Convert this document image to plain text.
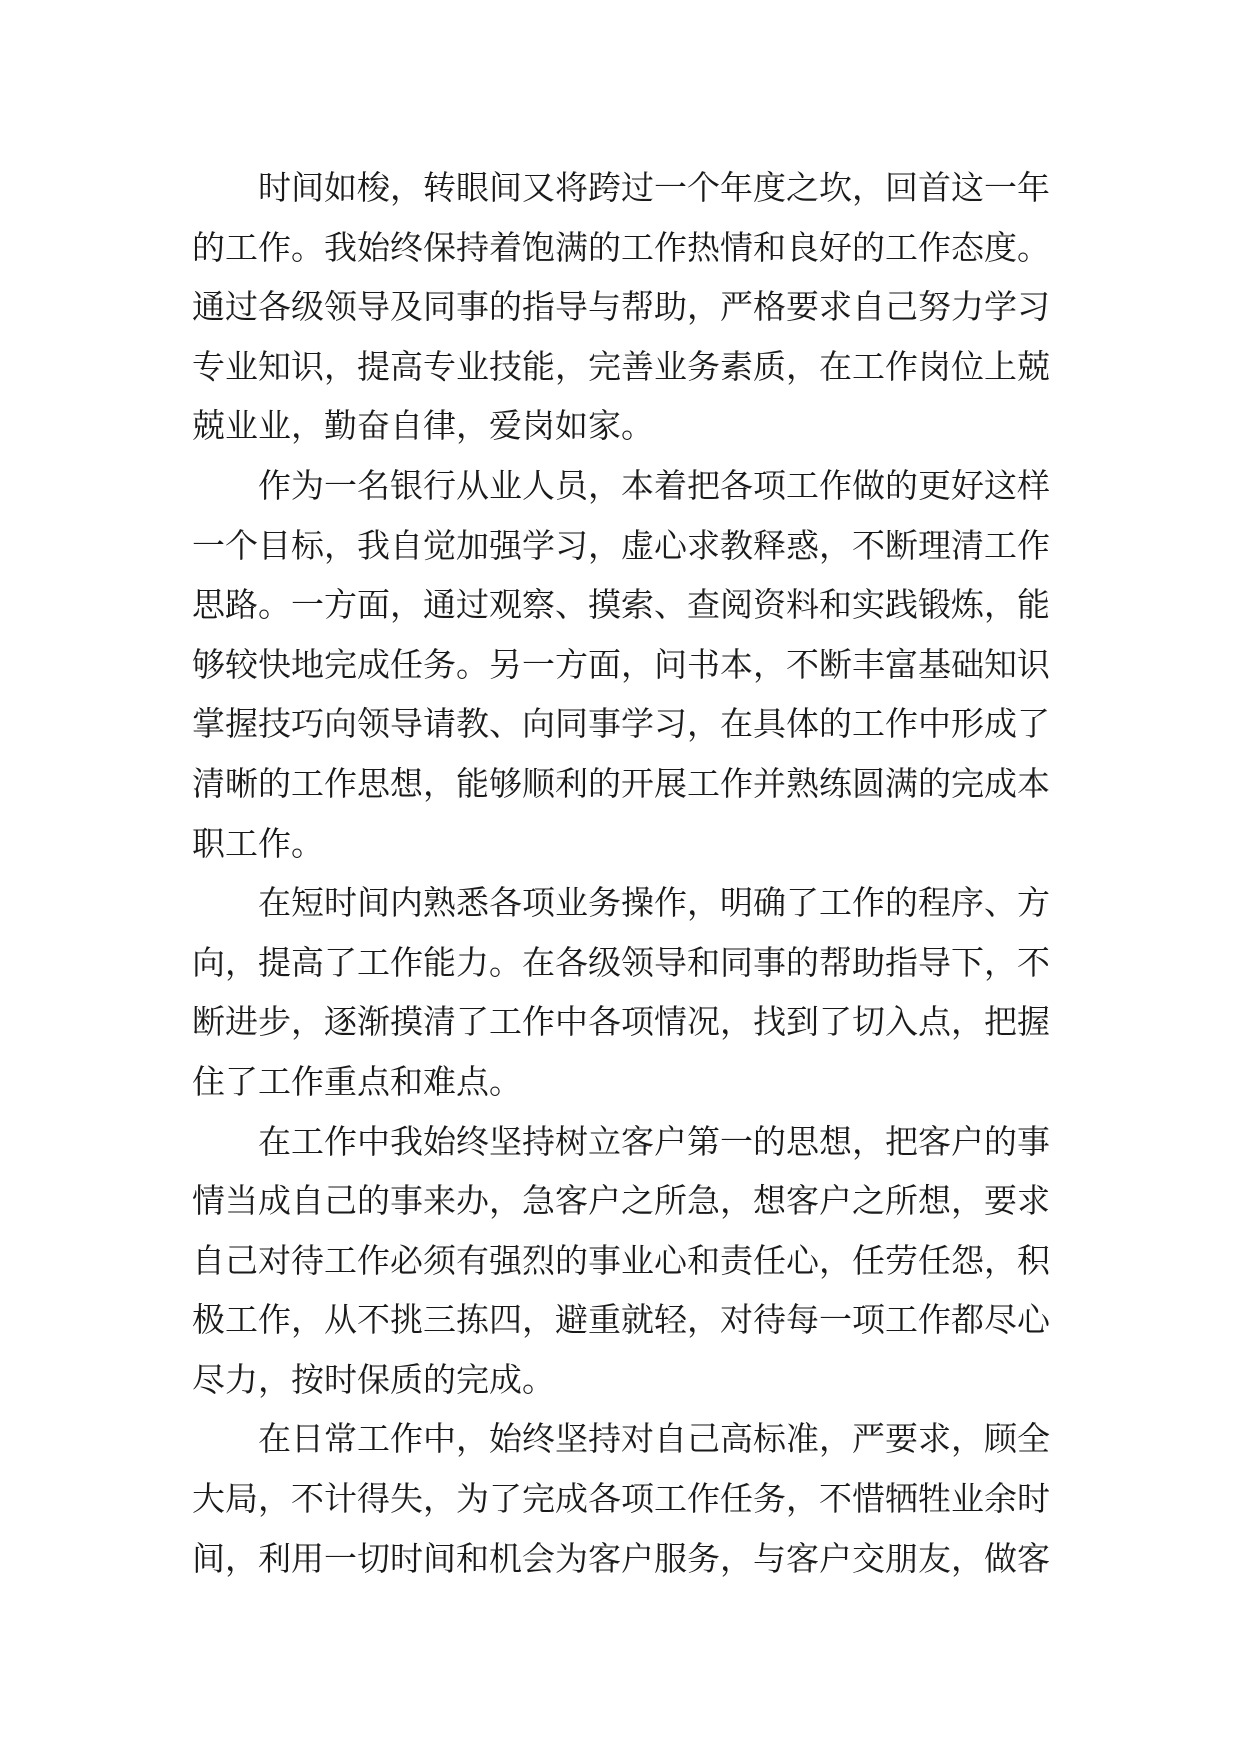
时间如梭，转眼间又将跨过一个年度之坎，回首这一年
的工作。我始终保持着饱满的工作热情和良好的工作态度。
通过各级领导及同事的指导与帮助，严格要求自己努力学习
专业知识，提高专业技能，完善业务素质，在工作岗位上兢
兢业业，勤奋自律，爱岗如家。
作为一名银行从业人员，本着把各项工作做的更好这样
一个目标，我自觉加强学习，虚心求教释惑，不断理清工作
思路。一方面，通过观察、摸索、查阅资料和实践锻炼，能
够较快地完成任务。另一方面，问书本，不断丰富基础知识
掌握技巧向领导请教、向同事学习，在具体的工作中形成了
清晰的工作思想，能够顺利的开展工作并熟练圆满的完成本
职工作。
在短时间内熟悉各项业务操作，明确了工作的程序、方
向，提高了工作能力。在各级领导和同事的帮助指导下，不
断进步，逐渐摸清了工作中各项情况，找到了切入点，把握
住了工作重点和难点。
在工作中我始终坚持树立客户第一的思想，把客户的事
情当成自己的事来办，急客户之所急，想客户之所想，要求
自己对待工作必须有强烈的事业心和责任心，任劳任怨，积
极工作，从不挑三拣四，避重就轻，对待每一项工作都尽心
尽力，按时保质的完成。
在日常工作中，始终坚持对自己高标准，严要求，顾全
大局，不计得失，为了完成各项工作任务，不惜牺牲业余时
间，利用一切时间和机会为客户服务，与客户交朋友，做客
